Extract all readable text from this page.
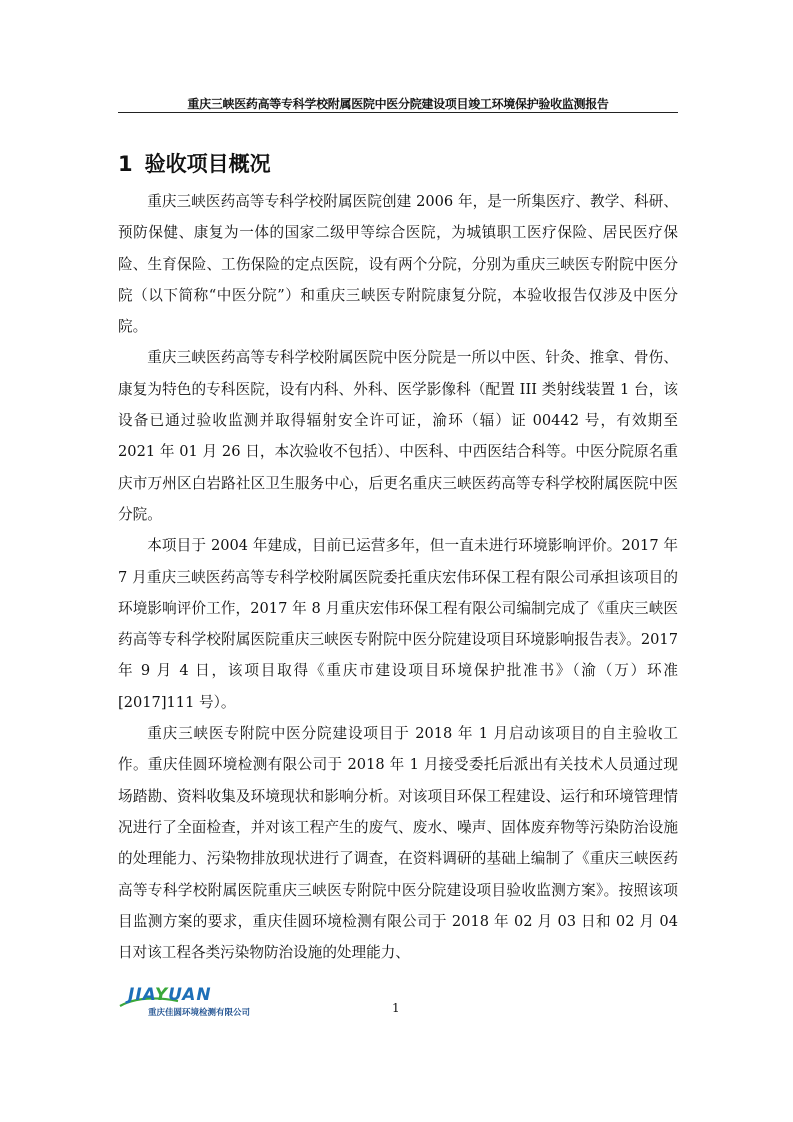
重庆三峡医药高等专科学校附属医院中医分院建设项目竣工环境保护验收监测报告
1 验收项目概况

重庆三峡医药高等专科学校附属医院创建 2006 年，是一所集医疗、教学、科研、预防保健、康复为一体的国家二级甲等综合医院，为城镇职工医疗保险、居民医疗保险、生育保险、工伤保险的定点医院，设有两个分院，分别为重庆三峡医专附院中医分院（以下简称“中医分院”）和重庆三峡医专附院康复分院，本验收报告仅涉及中医分院。

重庆三峡医药高等专科学校附属医院中医分院是一所以中医、针灸、推拿、骨伤、康复为特色的专科医院，设有内科、外科、医学影像科（配置 III 类射线装置 1 台，该设备已通过验收监测并取得辐射安全许可证，渝环（辐）证 00442 号，有效期至 2021 年 01 月 26 日，本次验收不包括）、中医科、中西医结合科等。中医分院原名重庆市万州区白岩路社区卫生服务中心，后更名重庆三峡医药高等专科学校附属医院中医分院。

本项目于 2004 年建成，目前已运营多年，但一直未进行环境影响评价。2017 年 7 月重庆三峡医药高等专科学校附属医院委托重庆宏伟环保工程有限公司承担该项目的环境影响评价工作，2017 年 8 月重庆宏伟环保工程有限公司编制完成了《重庆三峡医药高等专科学校附属医院重庆三峡医专附院中医分院建设项目环境影响报告表》。2017 年 9 月 4 日，该项目取得《重庆市建设项目环境保护批准书》（渝（万）环准[2017]111 号）。

重庆三峡医专附院中医分院建设项目于 2018 年 1 月启动该项目的自主验收工作。重庆佳圆环境检测有限公司于 2018 年 1 月接受委托后派出有关技术人员通过现场踏勘、资料收集及环境现状和影响分析。对该项目环保工程建设、运行和环境管理情况进行了全面检查，并对该工程产生的废气、废水、噪声、固体废弃物等污染防治设施的处理能力、污染物排放现状进行了调查，在资料调研的基础上编制了《重庆三峡医药高等专科学校附属医院重庆三峡医专附院中医分院建设项目验收监测方案》。按照该项目监测方案的要求，重庆佳圆环境检测有限公司于 2018 年 02 月 03 日和 02 月 04 日对该工程各类污染物防治设施的处理能力、

JIAYUAN
重庆佳圆环境检测有限公司	1
